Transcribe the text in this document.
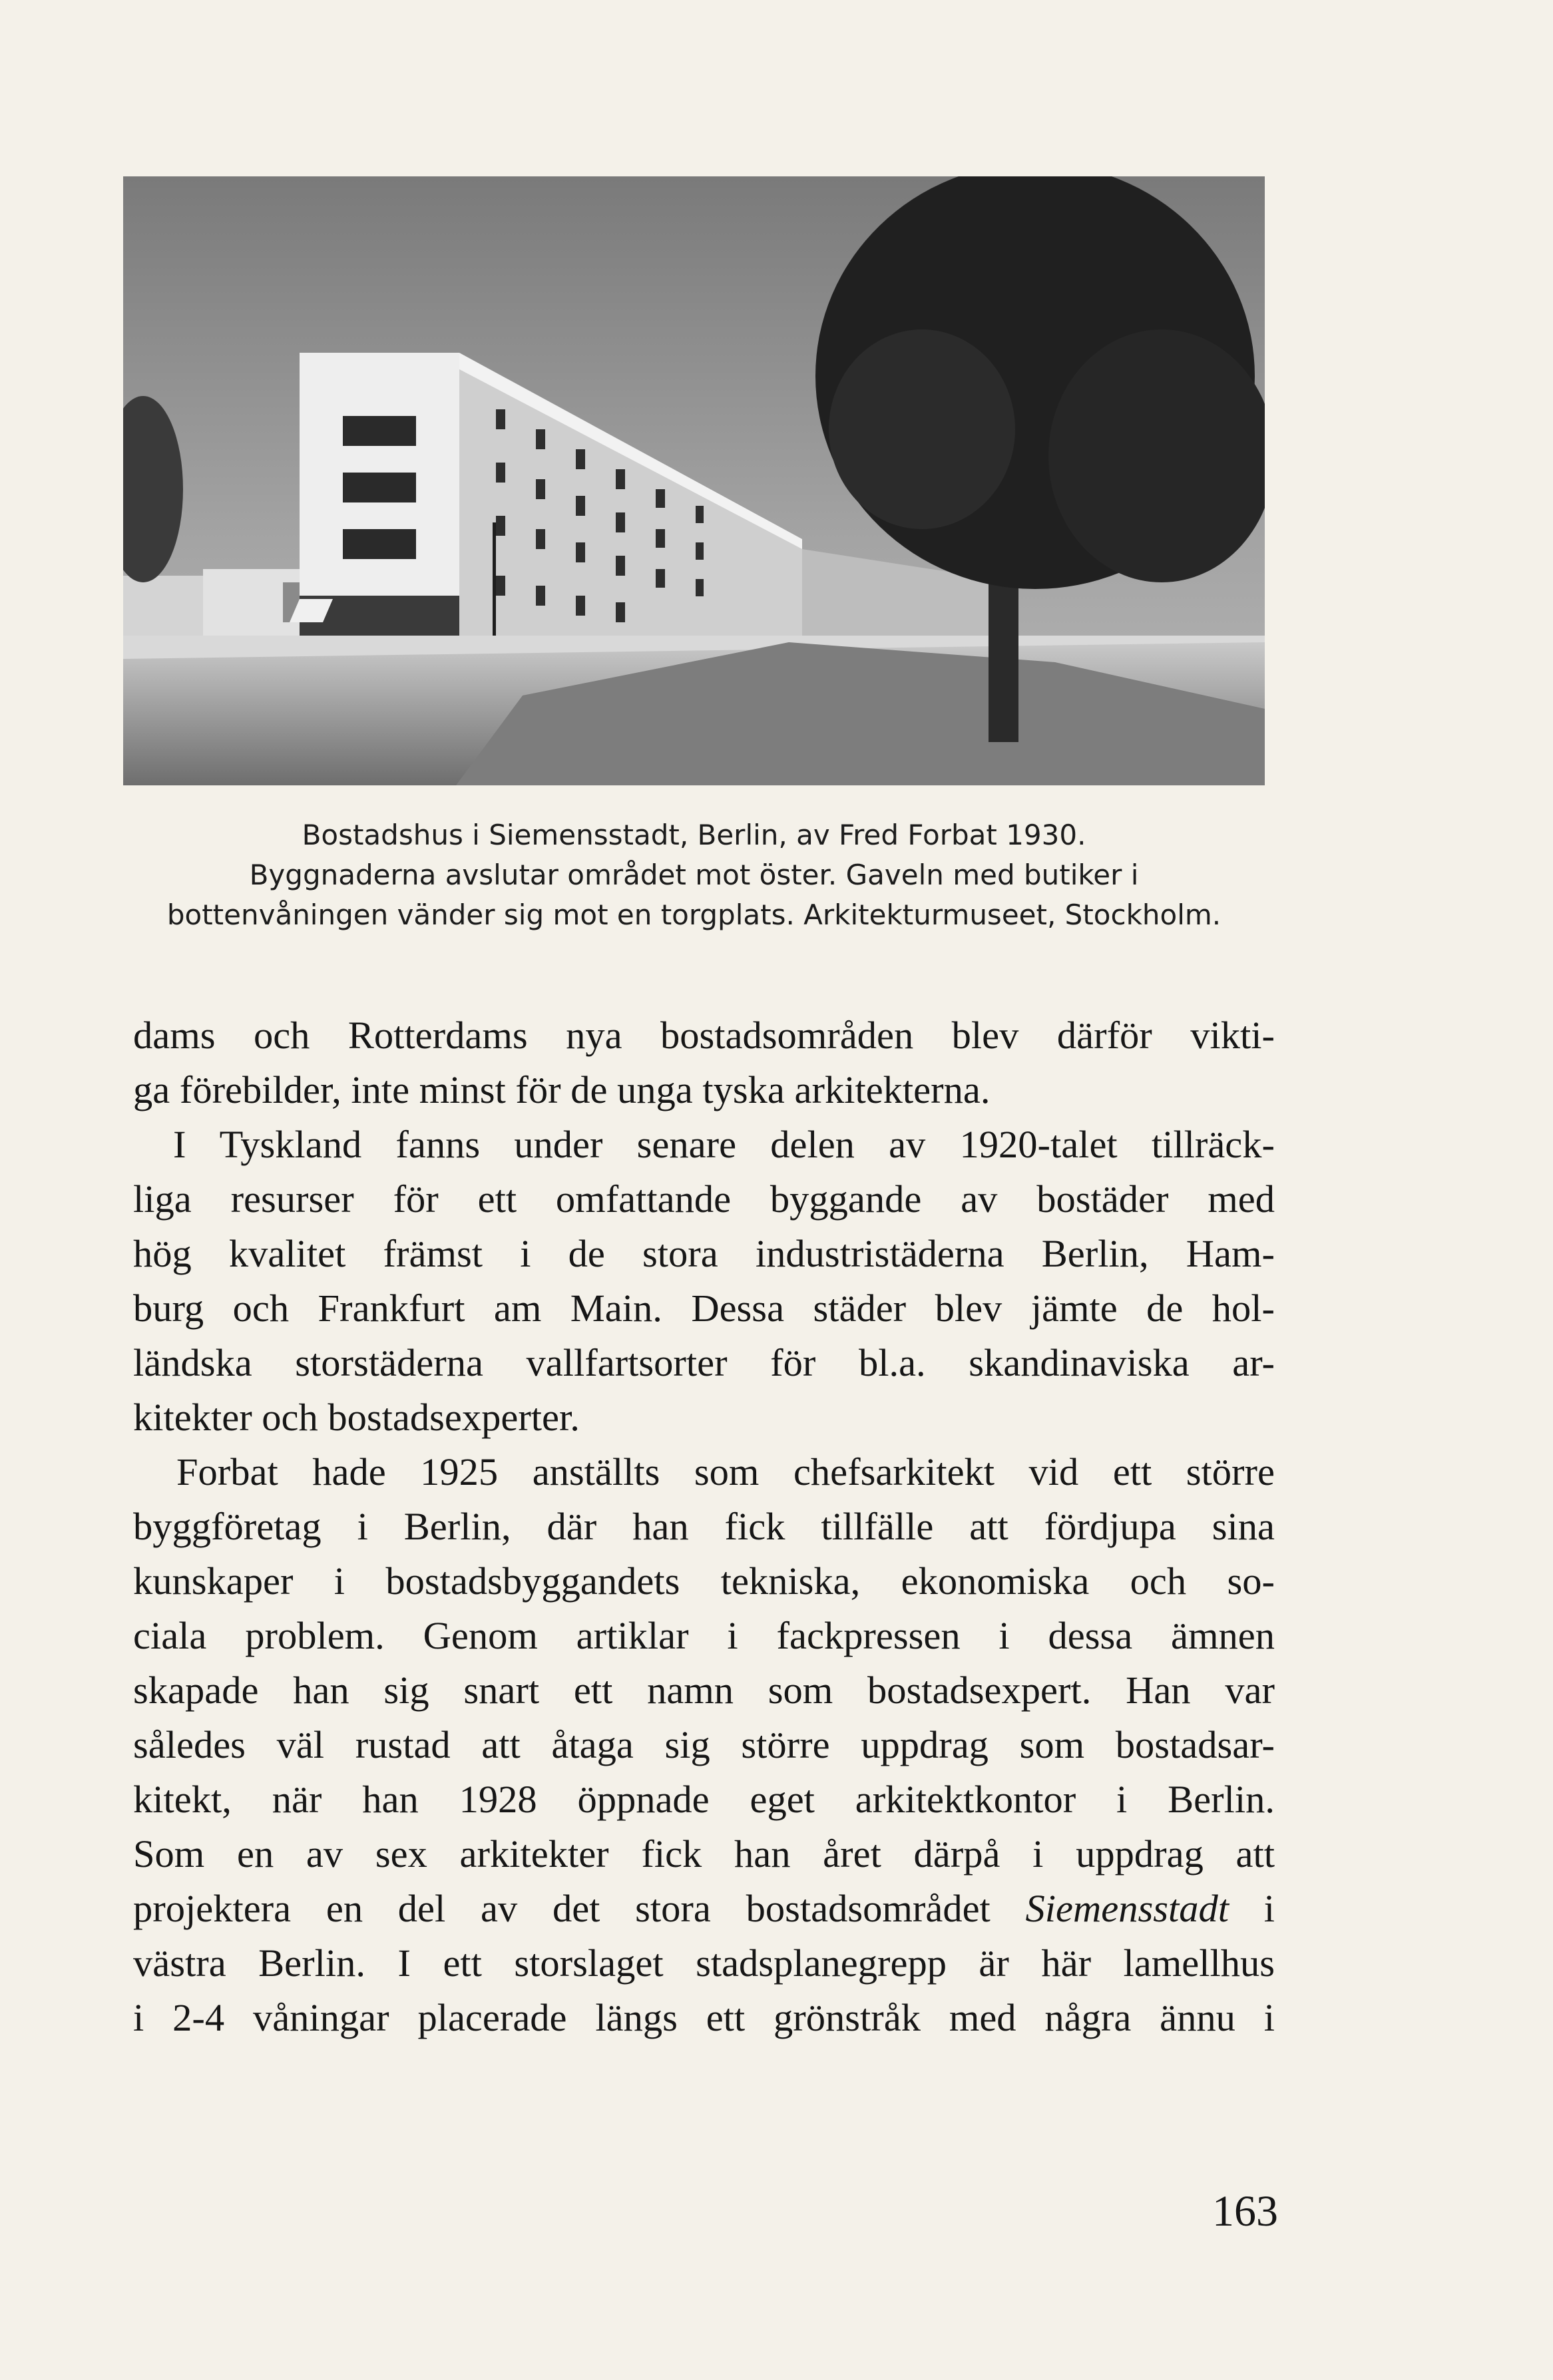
Bostadshus i Siemensstadt, Berlin, av Fred Forbat 1930.
Byggnaderna avslutar området mot öster. Gaveln med butiker i
bottenvåningen vänder sig mot en torgplats. Arkitekturmuseet, Stockholm.
dams och Rotterdams nya bostadsområden blev därför vikti-
ga förebilder, inte minst för de unga tyska arkitekterna.
I Tyskland fanns under senare delen av 1920-talet tillräck-
liga resurser för ett omfattande byggande av bostäder med
hög kvalitet främst i de stora industristäderna Berlin, Ham-
burg och Frankfurt am Main. Dessa städer blev jämte de hol-
ländska storstäderna vallfartsorter för bl.a. skandinaviska ar-
kitekter och bostadsexperter.
Forbat hade 1925 anställts som chefsarkitekt vid ett större
byggföretag i Berlin, där han fick tillfälle att fördjupa sina
kunskaper i bostadsbyggandets tekniska, ekonomiska och so-
ciala problem. Genom artiklar i fackpressen i dessa ämnen
skapade han sig snart ett namn som bostadsexpert. Han var
således väl rustad att åtaga sig större uppdrag som bostadsar-
kitekt, när han 1928 öppnade eget arkitektkontor i Berlin.
Som en av sex arkitekter fick han året därpå i uppdrag att
projektera en del av det stora bostadsområdet Siemensstadt i
västra Berlin. I ett storslaget stadsplanegrepp är här lamellhus
i 2-4 våningar placerade längs ett grönstråk med några ännu i
163
